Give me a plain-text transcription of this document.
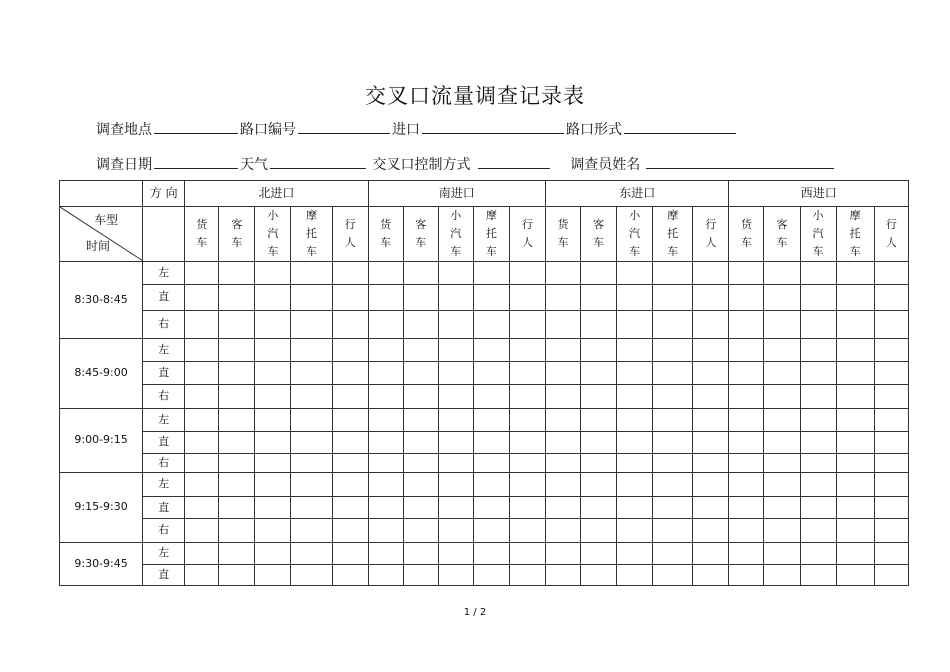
交叉口流量调查记录表
调查地点	路口编号	进口	路口形式
调查日期	天气	交叉口控制方式	调查员姓名
	方 向	北进口					南进口					东进口					西进口				

车型
时间		货车	客车	小汽车	摩托车	行人	货车	客车	小汽车	摩托车	行人	货车	客车	小汽车	摩托车	行人	货车	客车	小汽车	摩托车	行人
8:30-8:45	左																				
	直																				
	右																				
8:45-9:00	左																				
	直																				
	右																				
9:00-9:15	左																				
	直																				
	右																				
9:15-9:30	左																				
	直																				
	右																				
9:30-9:45	左																				
	直																				
1 / 2
